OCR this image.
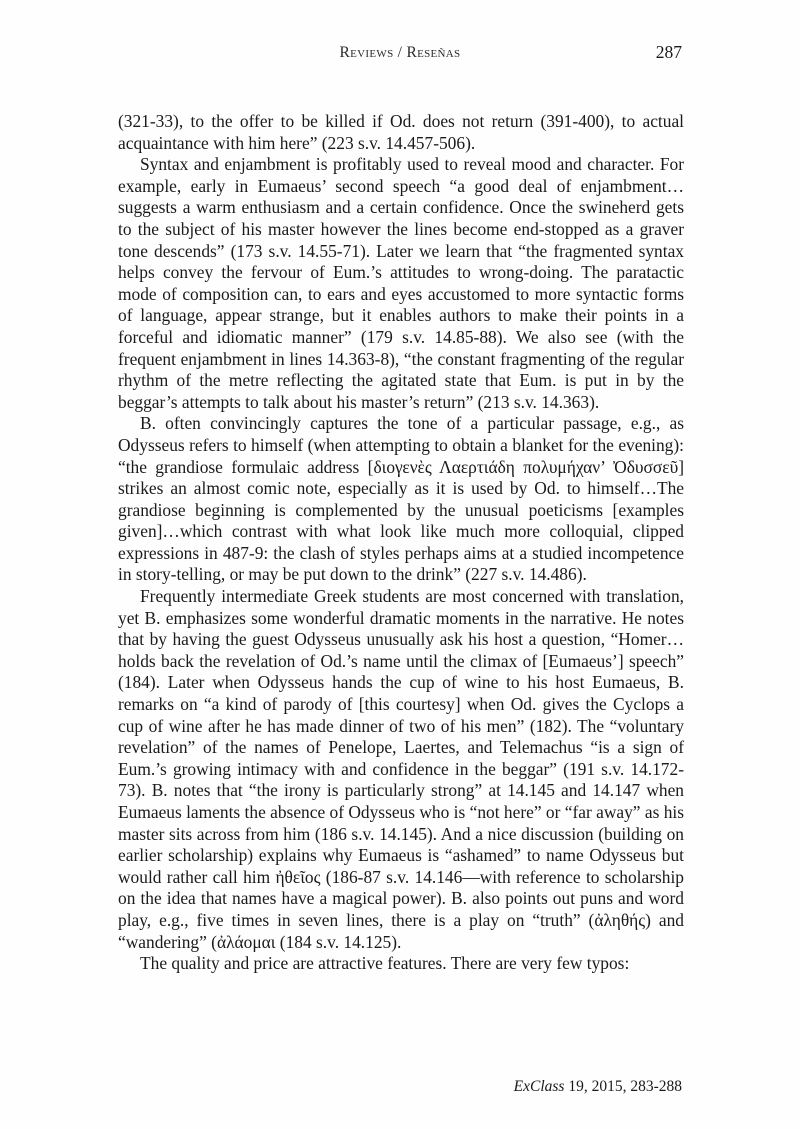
Reviews / Reseñas	287

(321-33), to the offer to be killed if Od. does not return (391-400), to actual acquaintance with him here” (223 s.v. 14.457-506).

Syntax and enjambment is profitably used to reveal mood and character. For example, early in Eumaeus’ second speech “a good deal of enjambment… suggests a warm enthusiasm and a certain confidence. Once the swineherd gets to the subject of his master however the lines become end-stopped as a graver tone descends” (173 s.v. 14.55-71). Later we learn that “the fragmented syntax helps convey the fervour of Eum.’s attitudes to wrong-doing. The paratactic mode of composition can, to ears and eyes accustomed to more syntactic forms of language, appear strange, but it enables authors to make their points in a forceful and idiomatic manner” (179 s.v. 14.85-88). We also see (with the frequent enjambment in lines 14.363-8), “the constant fragmenting of the regular rhythm of the metre reflecting the agitated state that Eum. is put in by the beggar’s attempts to talk about his master’s return” (213 s.v. 14.363).

B. often convincingly captures the tone of a particular passage, e.g., as Odysseus refers to himself (when attempting to obtain a blanket for the evening): “the grandiose formulaic address [διογενὲς Λαερτιάδη πολυμήχαν’ Ὀδυσσεῦ] strikes an almost comic note, especially as it is used by Od. to himself…The grandiose beginning is complemented by the unusual poeticisms [examples given]…which contrast with what look like much more colloquial, clipped expressions in 487-9: the clash of styles perhaps aims at a studied incompetence in story-telling, or may be put down to the drink” (227 s.v. 14.486).

Frequently intermediate Greek students are most concerned with translation, yet B. emphasizes some wonderful dramatic moments in the narrative. He notes that by having the guest Odysseus unusually ask his host a question, “Homer…holds back the revelation of Od.’s name until the climax of [Eumaeus’] speech” (184). Later when Odysseus hands the cup of wine to his host Eumaeus, B. remarks on “a kind of parody of [this courtesy] when Od. gives the Cyclops a cup of wine after he has made dinner of two of his men” (182). The “voluntary revelation” of the names of Penelope, Laertes, and Telemachus “is a sign of Eum.’s growing intimacy with and confidence in the beggar” (191 s.v. 14.172-73). B. notes that “the irony is particularly strong” at 14.145 and 14.147 when Eumaeus laments the absence of Odysseus who is “not here” or “far away” as his master sits across from him (186 s.v. 14.145). And a nice discussion (building on earlier scholarship) explains why Eumaeus is “ashamed” to name Odysseus but would rather call him ἠθεῖος (186-87 s.v. 14.146—with reference to scholarship on the idea that names have a magical power). B. also points out puns and word play, e.g., five times in seven lines, there is a play on “truth” (ἀληθής) and “wandering” (ἀλάομαι (184 s.v. 14.125).

The quality and price are attractive features. There are very few typos:

ExClass 19, 2015, 283-288
